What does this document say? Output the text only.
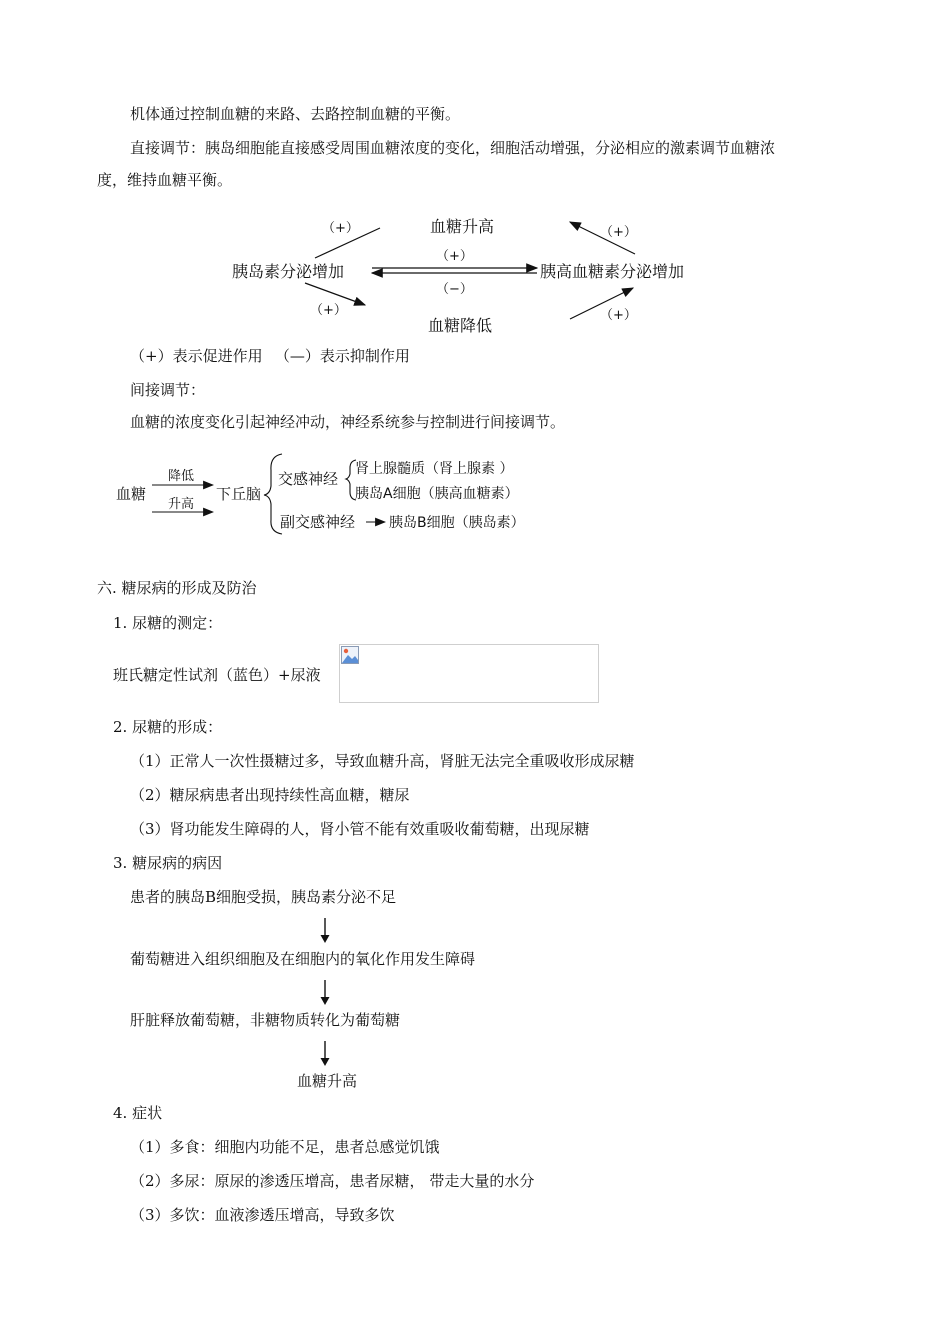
机体通过控制血糖的来路、去路控制血糖的平衡。
直接调节：胰岛细胞能直接感受周围血糖浓度的变化，细胞活动增强，分泌相应的激素调节血糖浓
度，维持血糖平衡。
血糖升高
血糖降低
胰岛素分泌增加	胰高血糖素分泌增加
（+）
（+）
（+）
（+）
（+）
（−）
（+）表示促进作用 　（—）表示抑制作用
间接调节：
血糖的浓度变化引起神经冲动，神经系统参与控制进行间接调节。
血糖
降低
升高
下丘脑
交感神经
肾上腺髓质（肾上腺素 ）
胰岛A细胞（胰高血糖素）
副交感神经 胰岛B细胞（胰岛素）
六. 糖尿病的形成及防治
1. 尿糖的测定：
班氏糖定性试剂（蓝色）+尿液
2. 尿糖的形成：
（1）正常人一次性摄糖过多，导致血糖升高，肾脏无法完全重吸收形成尿糖
（2）糖尿病患者出现持续性高血糖，糖尿
（3）肾功能发生障碍的人，肾小管不能有效重吸收葡萄糖，出现尿糖
3. 糖尿病的病因
患者的胰岛B细胞受损，胰岛素分泌不足
葡萄糖进入组织细胞及在细胞内的氧化作用发生障碍
肝脏释放葡萄糖，非糖物质转化为葡萄糖
血糖升高
4. 症状
（1）多食：细胞内功能不足，患者总感觉饥饿
（2）多尿：原尿的渗透压增高，患者尿糖， 带走大量的水分
（3）多饮：血液渗透压增高，导致多饮
